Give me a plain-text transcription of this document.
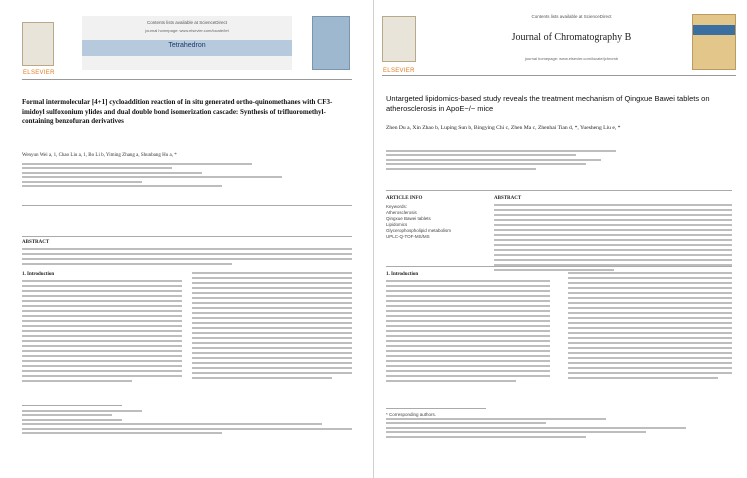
ELSEVIER
Contents lists available at ScienceDirect
journal homepage: www.elsevier.com/locate/tet
Tetrahedron
Formal intermolecular [4+1] cycloaddition reaction of in situ generated ortho-quinomethanes with CF3-imidoyl sulfoxonium ylides and dual double bond isomerization cascade: Synthesis of trifluoromethyl-containing benzofuran derivatives
Wenyun Wei a, 1, Chao Liu a, 1, Bo Li b, Yiming Zhang a, Shunbang Hu a, *
ABSTRACT
1. Introduction
ELSEVIER
Contents lists available at ScienceDirect
Journal of Chromatography B
journal homepage: www.elsevier.com/locate/jchromb
Untargeted lipidomics-based study reveals the treatment mechanism of Qingxue Bawei tablets on atherosclerosis in ApoE−/− mice
Zhen Du a, Xin Zhao b, Luping Sun b, Bingying Chi c, Zhen Ma c, Zhenhai Tian d, *, Yuesheng Liu e, *
ARTICLE INFO
Keywords:
Atherosclerosis
Qingxue Bawei tablets
Lipidomics
Glycerophospholipid metabolism
UPLC-Q-TOF-MS/MS
ABSTRACT
1. Introduction
* Corresponding authors.
